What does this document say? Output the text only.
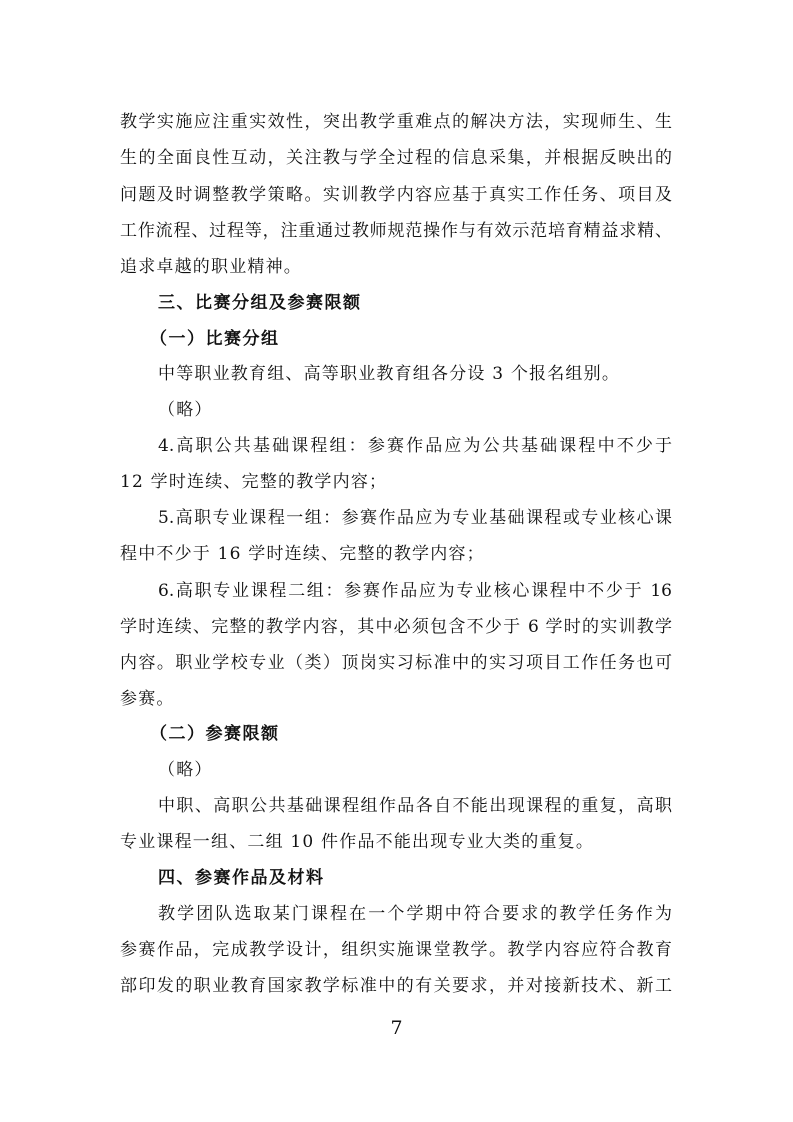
教学实施应注重实效性，突出教学重难点的解决方法，实现师生、生
生的全面良性互动，关注教与学全过程的信息采集，并根据反映出的
问题及时调整教学策略。实训教学内容应基于真实工作任务、项目及
工作流程、过程等，注重通过教师规范操作与有效示范培育精益求精、
追求卓越的职业精神。
三、比赛分组及参赛限额
（一）比赛分组
中等职业教育组、高等职业教育组各分设 3 个报名组别。
（略）
4.高职公共基础课程组：参赛作品应为公共基础课程中不少于
12 学时连续、完整的教学内容；
5.高职专业课程一组：参赛作品应为专业基础课程或专业核心课
程中不少于 16 学时连续、完整的教学内容；
6.高职专业课程二组：参赛作品应为专业核心课程中不少于 16
学时连续、完整的教学内容，其中必须包含不少于 6 学时的实训教学
内容。职业学校专业（类）顶岗实习标准中的实习项目工作任务也可
参赛。
（二）参赛限额
（略）
中职、高职公共基础课程组作品各自不能出现课程的重复，高职
专业课程一组、二组 10 件作品不能出现专业大类的重复。
四、参赛作品及材料
教学团队选取某门课程在一个学期中符合要求的教学任务作为
参赛作品，完成教学设计，组织实施课堂教学。教学内容应符合教育
部印发的职业教育国家教学标准中的有关要求，并对接新技术、新工
7
